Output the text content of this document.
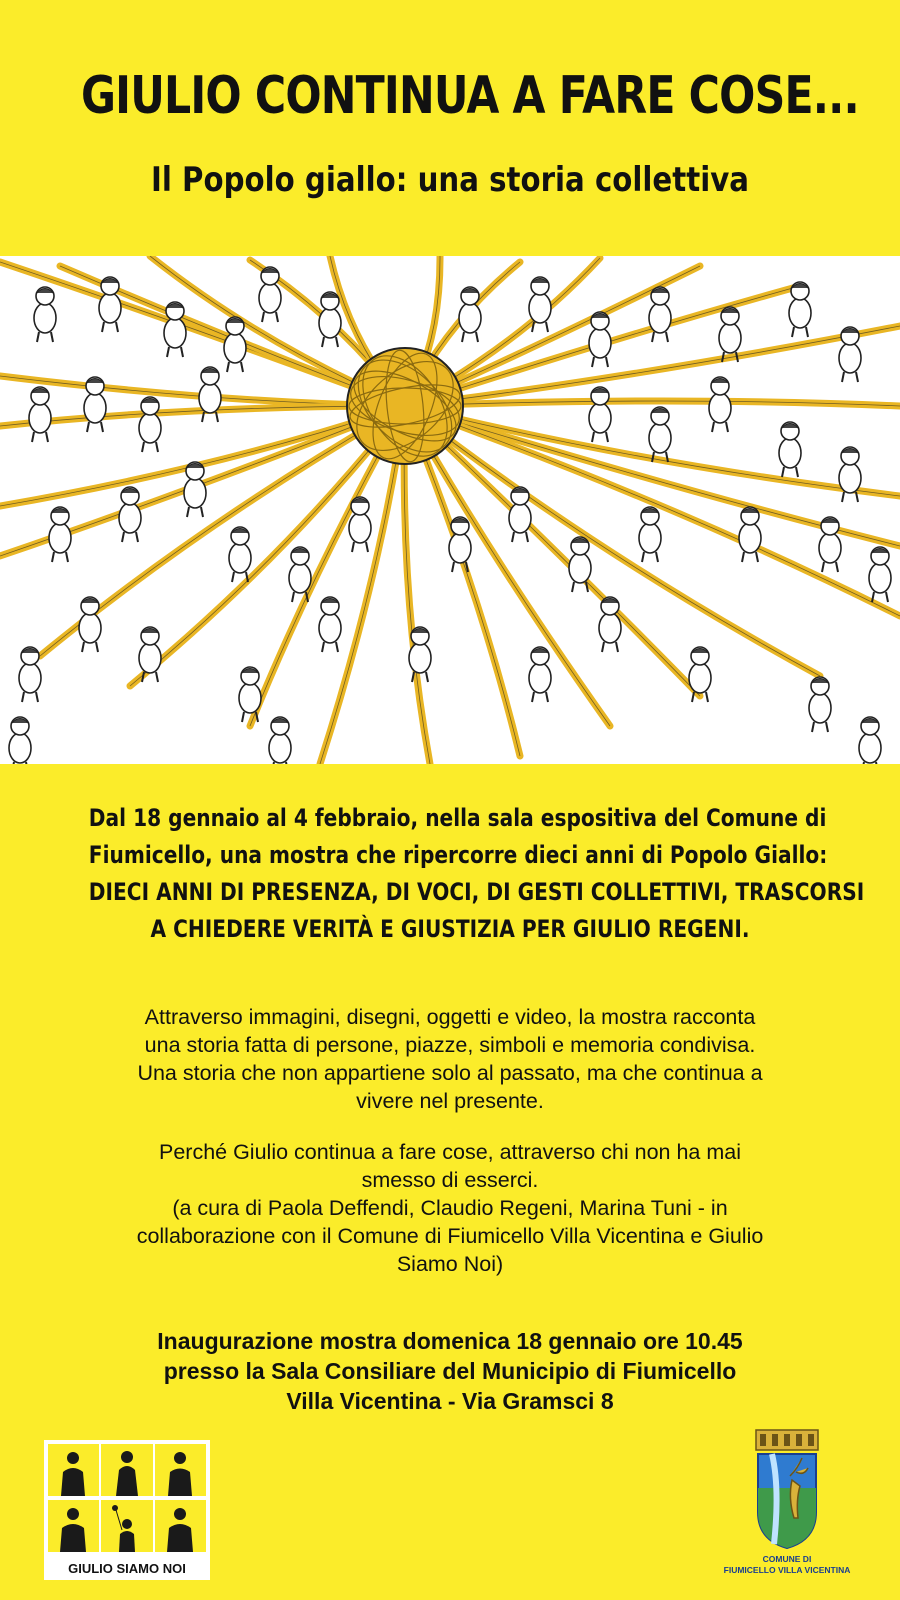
GIULIO CONTINUA A FARE COSE...
Il Popolo giallo: una storia collettiva
Dal 18 gennaio al 4 febbraio, nella sala espositiva del Comune di
Fiumicello, una mostra che ripercorre dieci anni di Popolo Giallo:
DIECI ANNI DI PRESENZA, DI VOCI, DI GESTI COLLETTIVI, TRASCORSI
A CHIEDERE VERITÀ E GIUSTIZIA PER GIULIO REGENI.
Attraverso immagini, disegni, oggetti e video, la mostra racconta
una storia fatta di persone, piazze, simboli e memoria condivisa.
Una storia che non appartiene solo al passato, ma che continua a
vivere nel presente.
Perché Giulio continua a fare cose, attraverso chi non ha mai
smesso di esserci.
(a cura di Paola Deffendi, Claudio Regeni, Marina Tuni - in
collaborazione con il Comune di Fiumicello Villa Vicentina e Giulio
Siamo Noi)
Inaugurazione mostra domenica 18 gennaio ore 10.45
presso la Sala Consiliare del Municipio di Fiumicello
Villa Vicentina - Via Gramsci 8
GIULIO SIAMO NOI
COMUNE DI
FIUMICELLO VILLA VICENTINA
